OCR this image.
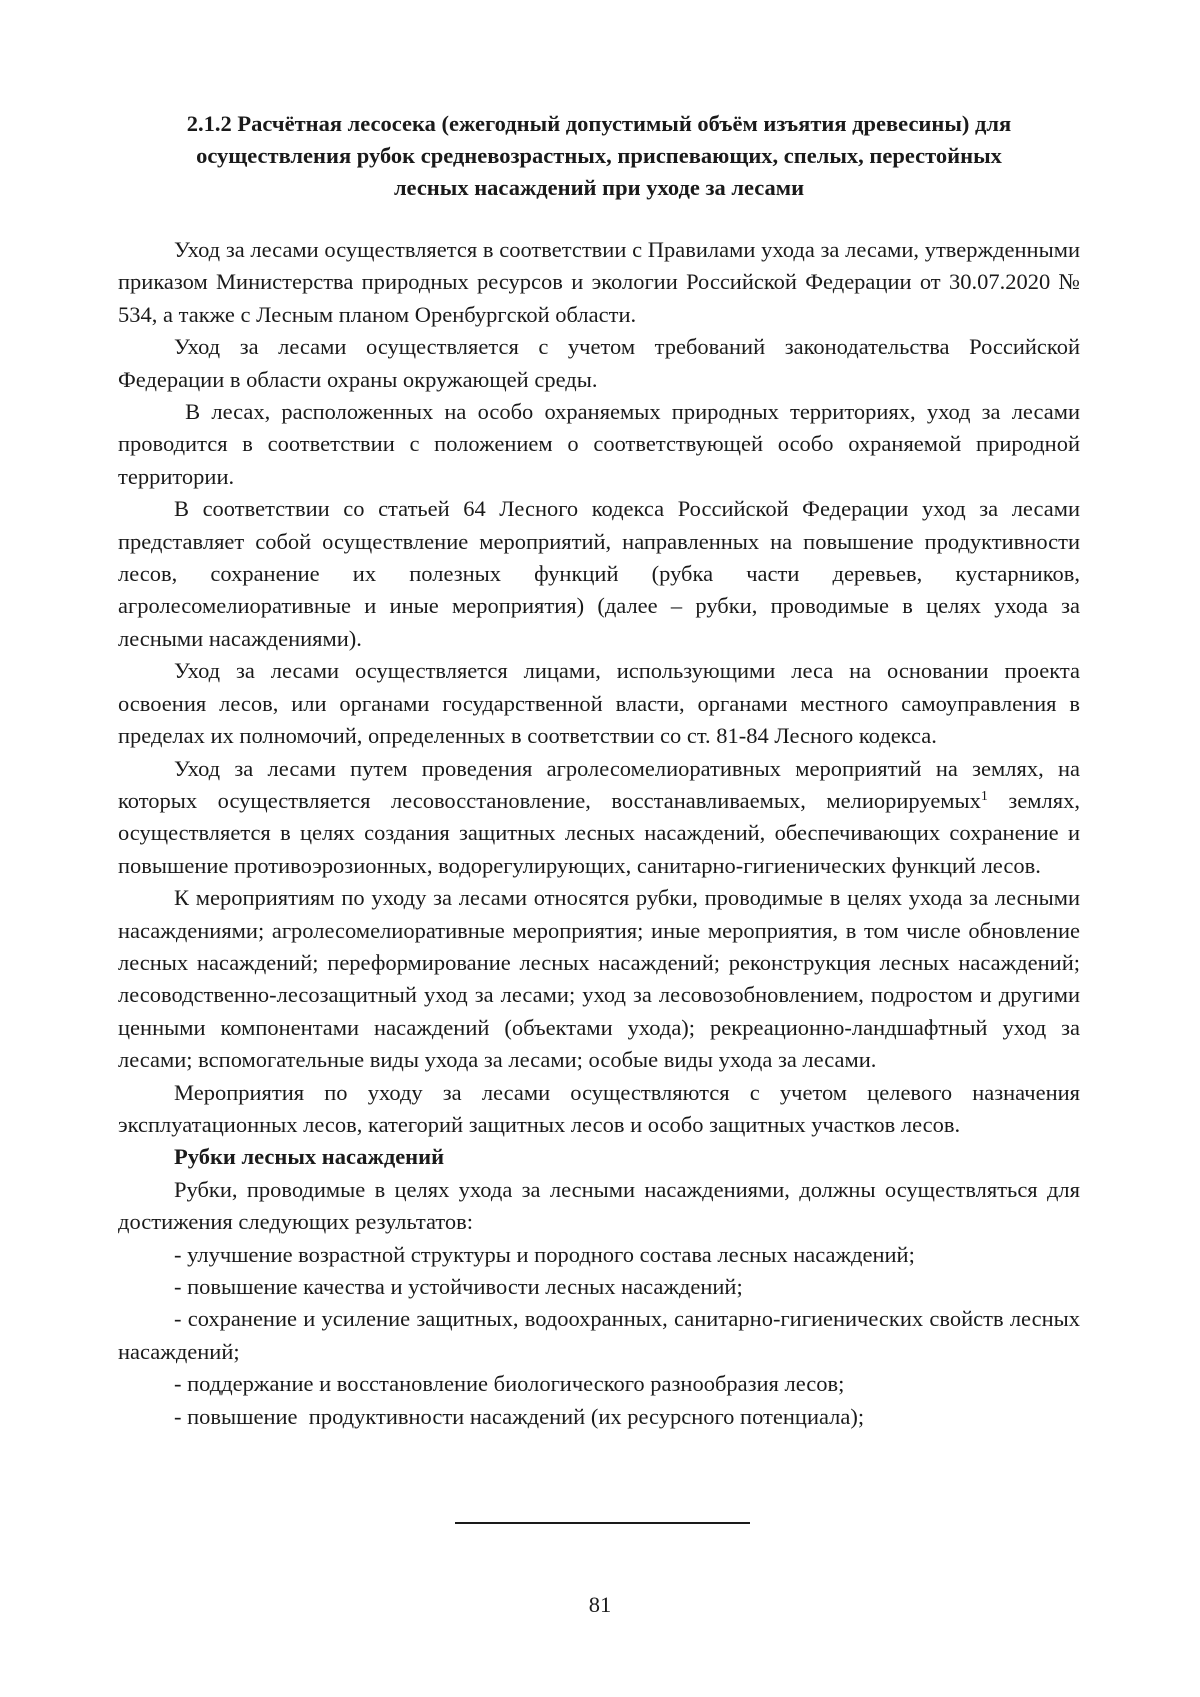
2.1.2 Расчётная лесосека (ежегодный допустимый объём изъятия древесины) для
осуществления рубок средневозрастных, приспевающих, спелых, перестойных
лесных насаждений при уходе за лесами

Уход за лесами осуществляется в соответствии с Правилами ухода за лесами, утвержденными приказом Министерства природных ресурсов и экологии Российской Федерации от 30.07.2020 № 534, а также с Лесным планом Оренбургской области.

Уход за лесами осуществляется с учетом требований законодательства Российской Федерации в области охраны окружающей среды.

В лесах, расположенных на особо охраняемых природных территориях, уход за лесами проводится в соответствии с положением о соответствующей особо охраняемой природной территории.

В соответствии со статьей 64 Лесного кодекса Российской Федерации уход за лесами представляет собой осуществление мероприятий, направленных на повышение продуктивности лесов, сохранение их полезных функций (рубка части деревьев, кустарников, агролесомелиоративные и иные мероприятия) (далее – рубки, проводимые в целях ухода за лесными насаждениями).

Уход за лесами осуществляется лицами, использующими леса на основании проекта освоения лесов, или органами государственной власти, органами местного самоуправления в пределах их полномочий, определенных в соответствии со ст. 81-84 Лесного кодекса.

Уход за лесами путем проведения агролесомелиоративных мероприятий на землях, на которых осуществляется лесовосстановление, восстанавливаемых, мелиорируемых$^1$ землях, осуществляется в целях создания защитных лесных насаждений, обеспечивающих сохранение и повышение противоэрозионных, водорегулирующих, санитарно-гигиенических функций лесов.

К мероприятиям по уходу за лесами относятся рубки, проводимые в целях ухода за лесными насаждениями; агролесомелиоративные мероприятия; иные мероприятия, в том числе обновление лесных насаждений; переформирование лесных насаждений; реконструкция лесных насаждений; лесоводственно-лесозащитный уход за лесами; уход за лесовозобновлением, подростом и другими ценными компонентами насаждений (объектами ухода); рекреационно-ландшафтный уход за лесами; вспомогательные виды ухода за лесами; особые виды ухода за лесами.

Мероприятия по уходу за лесами осуществляются с учетом целевого назначения эксплуатационных лесов, категорий защитных лесов и особо защитных участков лесов.

Рубки лесных насаждений

Рубки, проводимые в целях ухода за лесными насаждениями, должны осуществляться для достижения следующих результатов:

- улучшение возрастной структуры и породного состава лесных насаждений;

- повышение качества и устойчивости лесных насаждений;

- сохранение и усиление защитных, водоохранных, санитарно-гигиенических свойств лесных насаждений;

- поддержание и восстановление биологического разнообразия лесов;

- повышение  продуктивности насаждений (их ресурсного потенциала);

81
